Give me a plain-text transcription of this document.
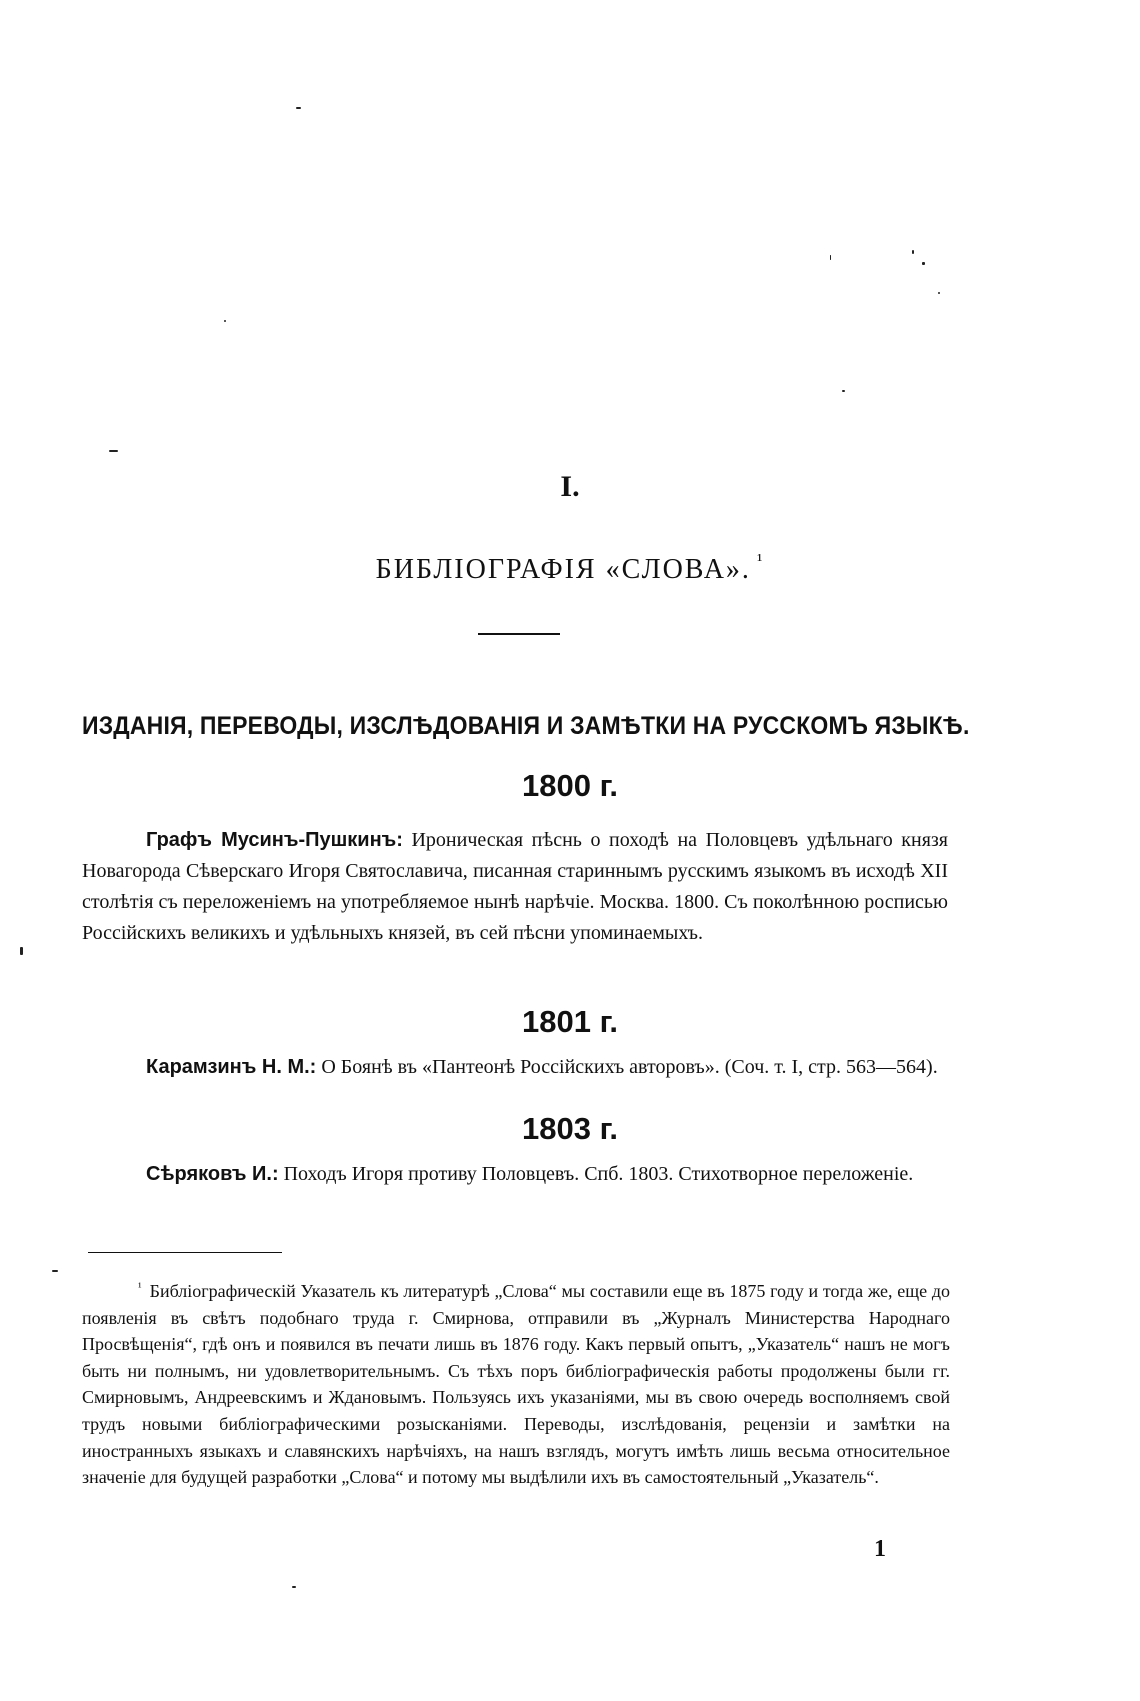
I.
БИБЛIОГРАФIЯ «СЛОВА». $^{^1}$
ИЗДАНIЯ, ПЕРЕВОДЫ, ИЗСЛѢДОВАНIЯ И ЗАМѢТКИ НА РУССКОМЪ ЯЗЫКѢ.
1800 г.
Графъ Мусинъ-Пушкинъ: Ироническая пѣснь о походѣ на Половцевъ удѣльнаго князя Новагорода Сѣверскаго Игоря Святославича, писанная стариннымъ русскимъ языкомъ въ исходѣ XII столѣтiя съ переложенiемъ на употребляемое нынѣ нарѣчiе. Москва. 1800. Съ поколѣнною росписью Россiйскихъ великихъ и удѣльныхъ князей, въ сей пѣсни упоминаемыхъ.
1801 г.
Карамзинъ Н. М.: О Боянѣ въ «Пантеонѣ Россiйскихъ авторовъ». (Соч. т. I, стр. 563—564).
1803 г.
Сѣряковъ И.: Походъ Игоря противу Половцевъ. Спб. 1803. Стихотворное переложенiе.
$^{^1}$ Библiографическiй Указатель къ литературѣ „Слова“ мы составили еще въ 1875 году и тогда же, еще до появленiя въ свѣтъ подобнаго труда г. Смирнова, отправили въ „Журналъ Министерства Народнаго Просвѣщенiя“, гдѣ онъ и появился въ печати лишь въ 1876 году. Какъ первый опытъ, „Указатель“ нашъ не могъ быть ни полнымъ, ни удовлетворительнымъ. Съ тѣхъ поръ библiографическiя работы продолжены были гг. Смирновымъ, Андреевскимъ и Ждановымъ. Пользуясь ихъ указанiями, мы въ свою очередь восполняемъ свой трудъ новыми библiографическими розысканiями. Переводы, изслѣдованiя, рецензiи и замѣтки на иностранныхъ языкахъ и славянскихъ нарѣчiяхъ, на нашъ взглядъ, могутъ имѣть лишь весьма относительное значенiе для будущей разработки „Слова“ и потому мы выдѣлили ихъ въ самостоятельный „Указатель“.
1
